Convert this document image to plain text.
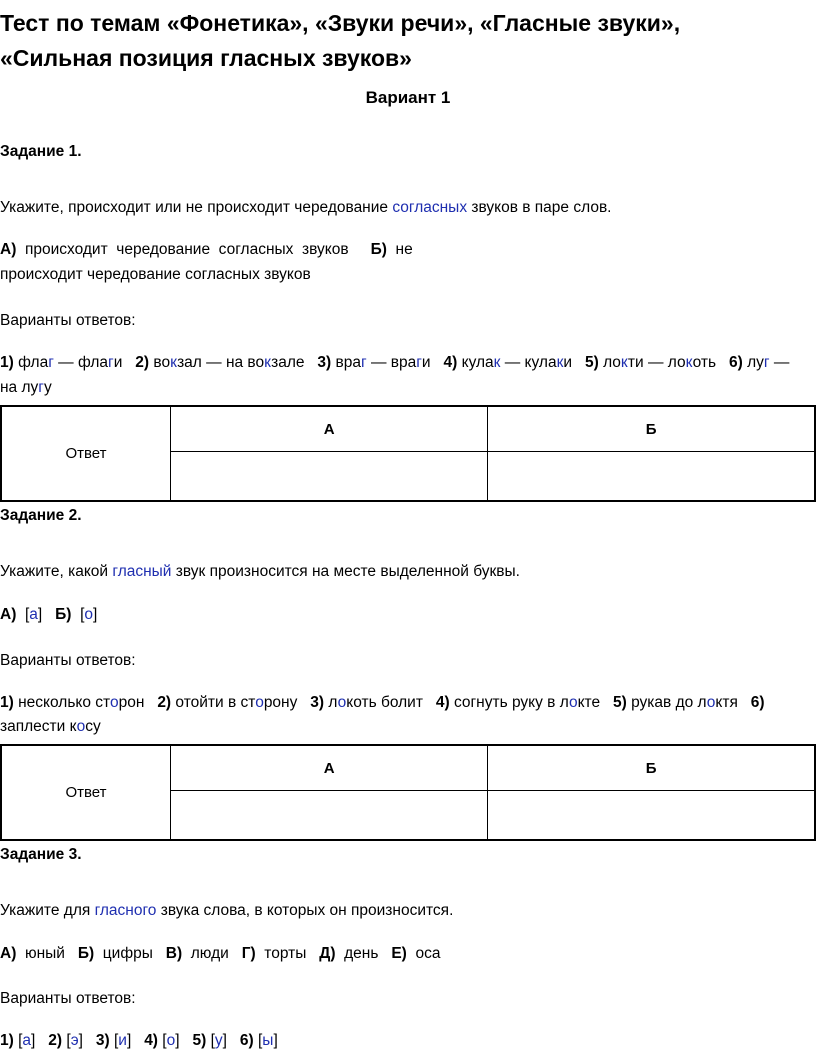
Тест по темам «Фонетика», «Звуки речи», «Гласные звуки»,
«Сильная позиция гласных звуков»
Вариант 1
Задание 1.
Укажите, происходит или не происходит чередование согласных звуков в паре слов.
А)  происходит  чередование  согласных  звуков Б)  не
происходит чередование согласных звуков
Варианты ответов:
1) флаг — флаги 2) вокзал — на вокзале 3) враг — враги 4) кулак — кулаки 5) локти — локоть 6) луг —
на лугу
Ответ	А	Б

Задание 2.
Укажите, какой гласный звук произносится на месте выделенной буквы.
А)  [а]   Б)  [о]
Варианты ответов:
1) несколько сторон 2) отойти в сторону 3) локоть болит 4) согнуть руку в локте 5) рукав до локтя 6)
заплести косу
Ответ	А	Б

Задание 3.
Укажите для гласного звука слова, в которых он произносится.
А)  юный   Б)  цифры   В)  люди   Г)  торты   Д)  день   Е)  оса
Варианты ответов:
1) [а]   2) [э]   3) [и]   4) [о]   5) [у]   6) [ы]
